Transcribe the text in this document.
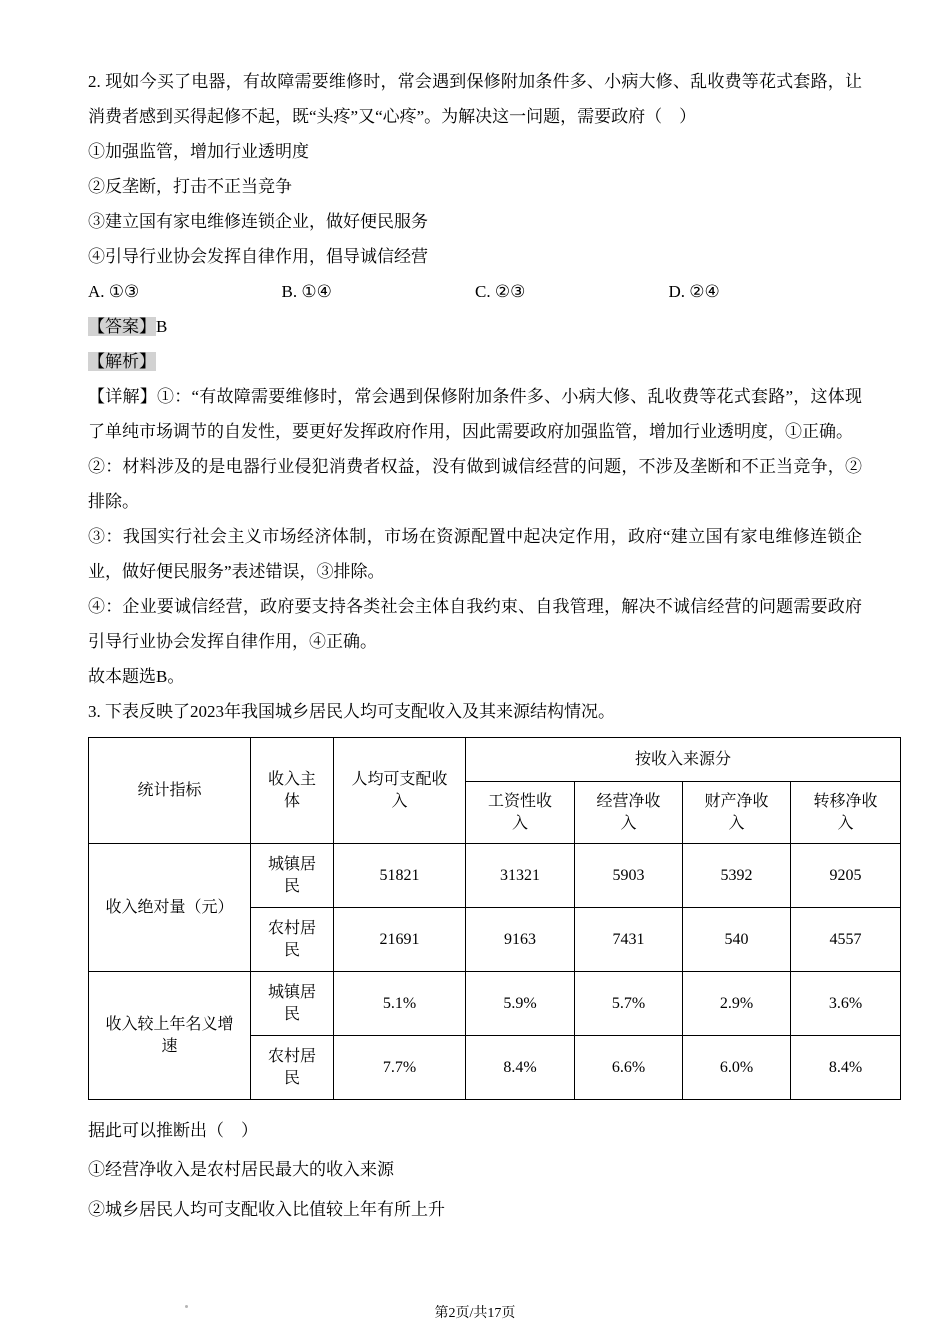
2. 现如今买了电器，有故障需要维修时，常会遇到保修附加条件多、小病大修、乱收费等花式套路，让消费者感到买得起修不起，既“头疼”又“心疼”。为解决这一问题，需要政府（　）

①加强监管，增加行业透明度

②反垄断，打击不正当竞争

③建立国有家电维修连锁企业，做好便民服务

④引导行业协会发挥自律作用，倡导诚信经营

A. ①③	B. ①④	C. ②③	D. ②④

【答案】B

【解析】

【详解】①：“有故障需要维修时，常会遇到保修附加条件多、小病大修、乱收费等花式套路”，这体现了单纯市场调节的自发性，要更好发挥政府作用，因此需要政府加强监管，增加行业透明度，①正确。

②：材料涉及的是电器行业侵犯消费者权益，没有做到诚信经营的问题，不涉及垄断和不正当竞争，②排除。

③：我国实行社会主义市场经济体制，市场在资源配置中起决定作用，政府“建立国有家电维修连锁企业，做好便民服务”表述错误，③排除。

④：企业要诚信经营，政府要支持各类社会主体自我约束、自我管理，解决不诚信经营的问题需要政府引导行业协会发挥自律作用，④正确。

故本题选B。

3. 下表反映了2023年我国城乡居民人均可支配收入及其来源结构情况。

统计指标	收入主体	人均可支配收入	按收入来源分			
			工资性收入	经营净收入	财产净收入	转移净收入
收入绝对量（元）	城镇居民	51821	31321	5903	5392	9205
	农村居民	21691	9163	7431	540	4557
收入较上年名义增速	城镇居民	5.1%	5.9%	5.7%	2.9%	3.6%
	农村居民	7.7%	8.4%	6.6%	6.0%	8.4%

据此可以推断出（　）

①经营净收入是农村居民最大的收入来源

②城乡居民人均可支配收入比值较上年有所上升

第2页/共17页
